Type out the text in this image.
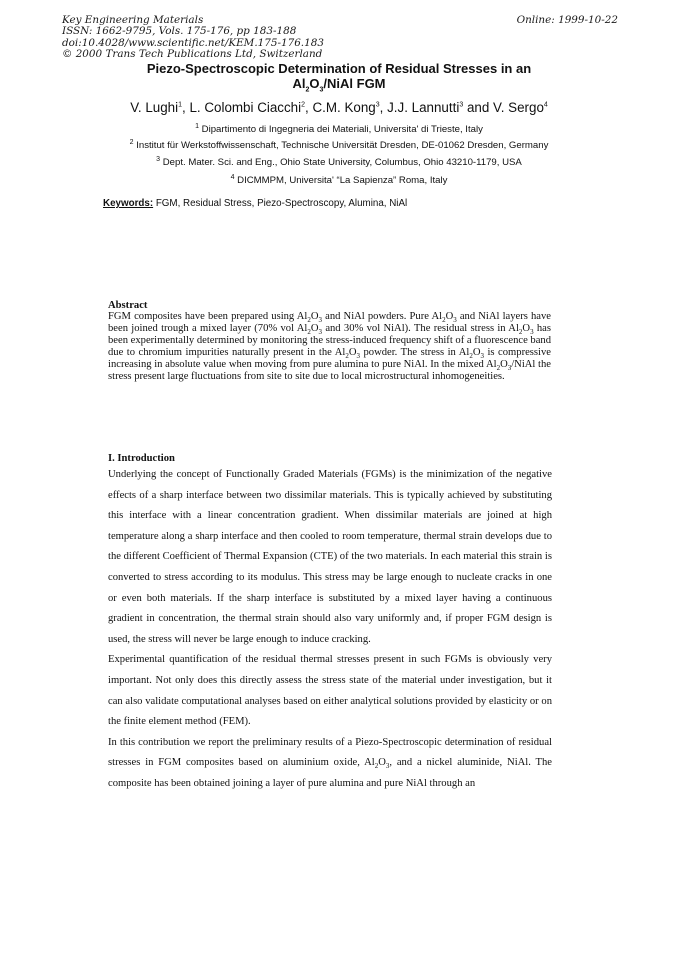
Key Engineering Materials
ISSN: 1662-9795, Vols. 175-176, pp 183-188
doi:10.4028/www.scientific.net/KEM.175-176.183
© 2000 Trans Tech Publications Ltd, Switzerland
Online: 1999-10-22
Piezo-Spectroscopic Determination of Residual Stresses in an
$Al_2O_3$/NiAl FGM
V. Lughi$^1$, L. Colombi Ciacchi$^2$, C.M. Kong$^3$, J.J. Lannutti$^3$ and V. Sergo$^4$
$^1$ Dipartimento di Ingegneria dei Materiali, Universita' di Trieste, Italy
$^2$ Institut für Werkstoffwissenschaft, Technische Universität Dresden, DE-01062 Dresden, Germany
$^3$ Dept. Mater. Sci. and Eng., Ohio State University, Columbus, Ohio 43210-1179, USA
$^4$ DICMMPM, Universita' “La Sapienza” Roma, Italy
Keywords: FGM, Residual Stress, Piezo-Spectroscopy, Alumina, NiAl
Abstract
FGM composites have been prepared using $Al_2O_3$ and NiAl powders. Pure $Al_2O_3$ and NiAl layers have been joined trough a mixed layer (70% vol $Al_2O_3$ and 30% vol NiAl). The residual stress in $Al_2O_3$ has been experimentally determined by monitoring the stress-induced frequency shift of a fluorescence band due to chromium impurities naturally present in the $Al_2O_3$ powder. The stress in $Al_2O_3$ is compressive increasing in absolute value when moving from pure alumina to pure NiAl. In the mixed $Al_2O_3$/NiAl the stress present large fluctuations from site to site due to local microstructural inhomogeneities.
I. Introduction

Underlying the concept of Functionally Graded Materials (FGMs) is the minimization of the negative effects of a sharp interface between two dissimilar materials. This is typically achieved by substituting this interface with a linear concentration gradient. When dissimilar materials are joined at high temperature along a sharp interface and then cooled to room temperature, thermal strain develops due to the different Coefficient of Thermal Expansion (CTE) of the two materials. In each material this strain is converted to stress according to its modulus. This stress may be large enough to nucleate cracks in one or even both materials. If the sharp interface is substituted by a mixed layer having a continuous gradient in concentration, the thermal strain should also vary uniformly and, if proper FGM design is used, the stress will never be large enough to induce cracking.

Experimental quantification of the residual thermal stresses present in such FGMs is obviously very important. Not only does this directly assess the stress state of the material under investigation, but it can also validate computational analyses based on either analytical solutions provided by elasticity or on the finite element method (FEM).

In this contribution we report the preliminary results of a Piezo-Spectroscopic determination of residual stresses in FGM composites based on aluminium oxide, $Al_2O_3$, and a nickel aluminide, NiAl. The composite has been obtained joining a layer of pure alumina and pure NiAl through an
